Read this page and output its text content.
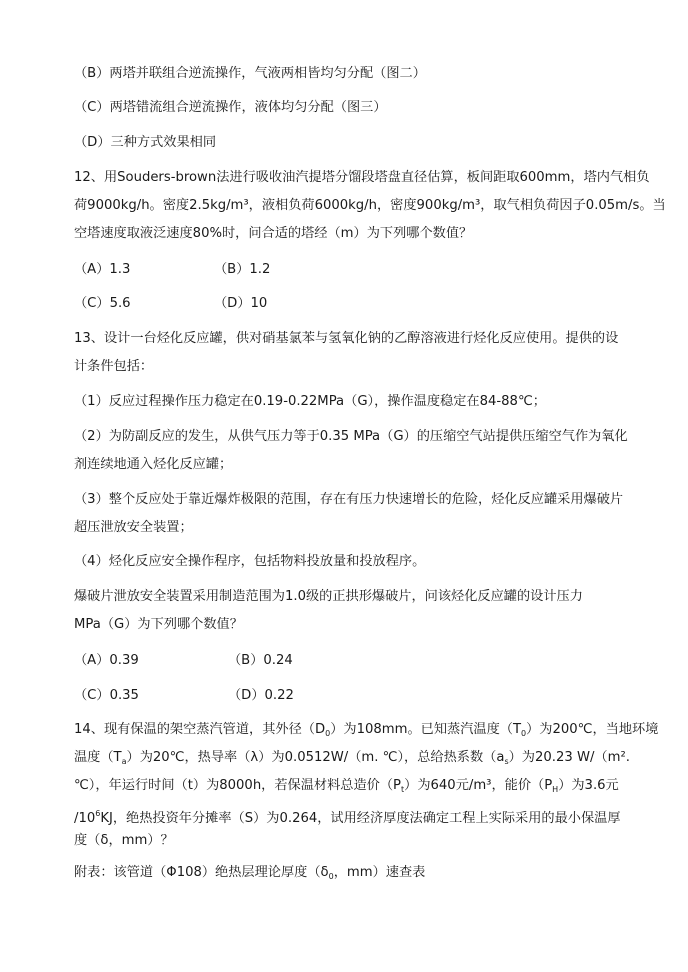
（B）两塔并联组合逆流操作，气液两相皆均匀分配（图二）
（C）两塔错流组合逆流操作，液体均匀分配（图三）
（D）三种方式效果相同
12、用Souders-brown法进行吸收油汽提塔分馏段塔盘直径估算，板间距取600mm，塔内气相负
荷9000kg/h。密度2.5kg/m³，液相负荷6000kg/h，密度900kg/m³，取气相负荷因子0.05m/s。当
空塔速度取液泛速度80%时，问合适的塔经（m）为下列哪个数值？
（A）1.3	（B）1.2
（C）5.6	（D）10
13、设计一台烃化反应罐，供对硝基氯苯与氢氧化钠的乙醇溶液进行烃化反应使用。提供的设
计条件包括：
（1）反应过程操作压力稳定在0.19-0.22MPa（G），操作温度稳定在84-88℃；
（2）为防副反应的发生，从供气压力等于0.35 MPa（G）的压缩空气站提供压缩空气作为氧化
剂连续地通入烃化反应罐；
（3）整个反应处于靠近爆炸极限的范围，存在有压力快速增长的危险，烃化反应罐采用爆破片
超压泄放安全装置；
（4）烃化反应安全操作程序，包括物料投放量和投放程序。
爆破片泄放安全装置采用制造范围为1.0级的正拱形爆破片，问该烃化反应罐的设计压力
MPa（G）为下列哪个数值？
（A）0.39	（B）0.24
（C）0.35	（D）0.22
14、现有保温的架空蒸汽管道，其外径$(D_0)$为108mm。已知蒸汽温度$(T_0)$为200℃，当地环境
温度$(T_a)$为20℃，热导率（λ）为0.0512W/（m. ℃），总给热系数$(a_s)$为20.23 W/（m².
℃），年运行时间（t）为8000h，若保温材料总造价$(P_t)$为640元/m³，能价$(P_H)$为3.6元
$/10^6KJ$，绝热投资年分摊率（S）为0.264，试用经济厚度法确定工程上实际采用的最小保温厚
度（δ，mm）？
附表：该管道（Φ108）绝热层理论厚度（$\delta_0$，mm）速查表
